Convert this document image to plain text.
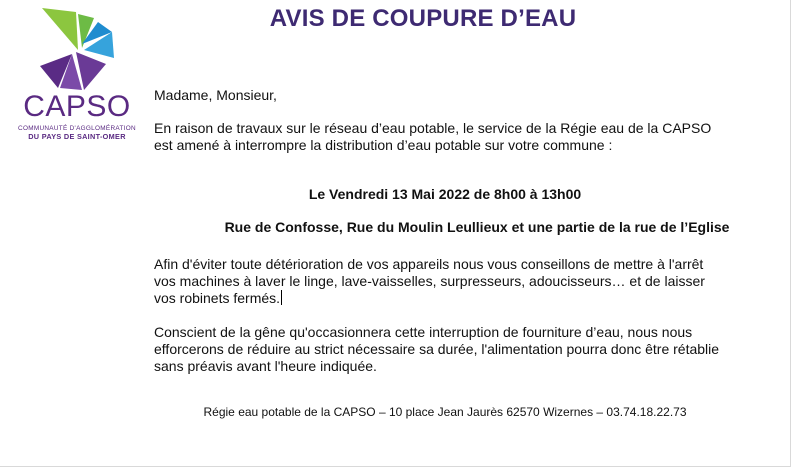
CAPSO
COMMUNAUTÉ D'AGGLOMÉRATION
DU PAYS DE SAINT-OMER
AVIS DE COUPURE D’EAU
Madame, Monsieur,
En raison de travaux sur le réseau d’eau potable, le service de la Régie eau de la CAPSO
est amené à interrompre la distribution d’eau potable sur votre commune :
Le Vendredi 13 Mai 2022 de 8h00 à 13h00
Rue de Confosse, Rue du Moulin Leullieux et une partie de la rue de l’Eglise
Afin d'éviter toute détérioration de vos appareils nous vous conseillons de mettre à l'arrêt
vos machines à laver le linge, lave-vaisselles, surpresseurs, adoucisseurs… et de laisser
vos robinets fermés.
Conscient de la gêne qu'occasionnera cette interruption de fourniture d’eau, nous nous
efforcerons de réduire au strict nécessaire sa durée, l'alimentation pourra donc être rétablie
sans préavis avant l'heure indiquée.
Régie eau potable de la CAPSO – 10 place Jean Jaurès 62570 Wizernes – 03.74.18.22.73
